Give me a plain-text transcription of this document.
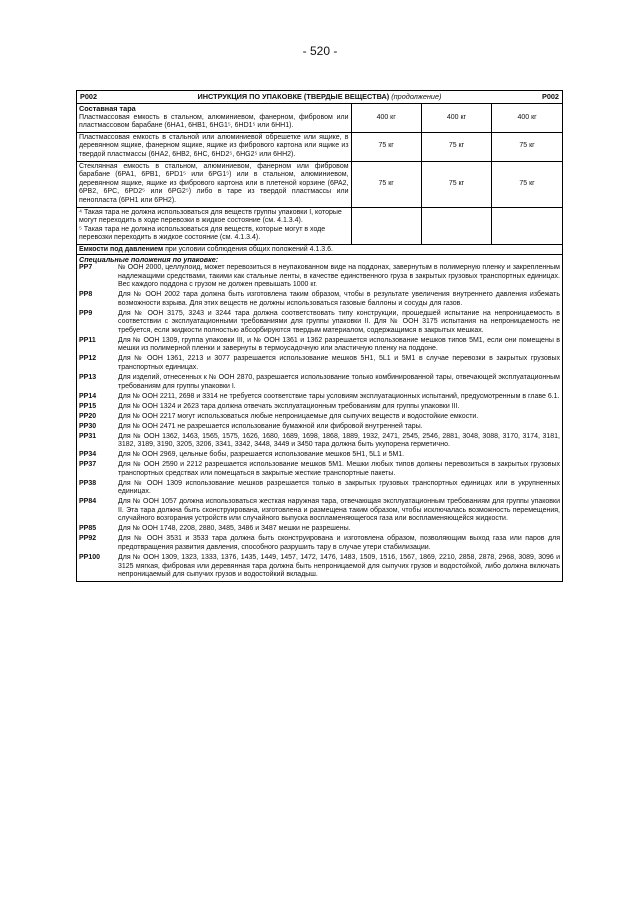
- 520 -
P002	ИНСТРУКЦИЯ ПО УПАКОВКЕ (ТВЕРДЫЕ ВЕЩЕСТВА) (продолжение)	P002
Составная тара
Пластмассовая емкость в стальном, алюминиевом, фанерном, фибровом или пластмассовом барабане (6HA1, 6HB1, 6HG1⁵, 6HD1⁵ или 6HH1).	400 кг	400 кг	400 кг
Пластмассовая емкость в стальной или алюминиевой обрешетке или ящике, в деревянном ящике, фанерном ящике, ящике из фибрового картона или ящике из твердой пластмассы (6HA2, 6HB2, 6HC, 6HD2⁵, 6HG2⁵ или 6HH2).	75 кг	75 кг	75 кг
Стеклянная емкость в стальном, алюминиевом, фанерном или фибровом барабане (6PA1, 6PB1, 6PD1⁵ или 6PG1⁵) или в стальном, алюминиевом, деревянном ящике, ящике из фибрового картона или в плетеной корзине (6PA2, 6PB2, 6PC, 6PD2⁵ или 6PG2⁵) либо в таре из твердой пластмассы или пенопласта (6PH1 или 6PH2).	75 кг	75 кг	75 кг

⁴ Такая тара не должна использоваться для веществ группы упаковки I, которые могут переходить в ходе перевозки в жидкое состояние (см. 4.1.3.4).
⁵ Такая тара не должна использоваться для веществ, которые могут в ходе перевозки переходить в жидкое состояние (см. 4.1.3.4).			

Емкости под давлением при условии соблюдения общих положений 4.1.3.6.
Специальные положения по упаковке:
PP7	№ ООН 2000, целлулоид, может перевозиться в неупакованном виде на поддонах, завернутым в полимерную пленку и закрепленным надлежащими средствами, такими как стальные ленты, в качестве единственного груза в закрытых грузовых транспортных единицах. Вес каждого поддона с грузом не должен превышать 1000 кг.
PP8	Для № ООН 2002 тара должна быть изготовлена таким образом, чтобы в результате увеличения внутреннего давления избежать возможности взрыва. Для этих веществ не должны использоваться газовые баллоны и сосуды для газов.
PP9	Для № ООН 3175, 3243 и 3244 тара должна соответствовать типу конструкции, прошедшей испытание на непроницаемость в соответствии с эксплуатационными требованиями для группы упаковки II. Для № ООН 3175 испытания на непроницаемость не требуется, если жидкости полностью абсорбируются твердым материалом, содержащимся в закрытых мешках.
PP11	Для № ООН 1309, группа упаковки III, и № ООН 1361 и 1362 разрешается использование мешков типов 5M1, если они помещены в мешки из полимерной пленки и завернуты в термоусадочную или эластичную пленку на поддоне.
PP12	Для № ООН 1361, 2213 и 3077 разрешается использование мешков 5H1, 5L1 и 5M1 в случае перевозки в закрытых грузовых транспортных единицах.
PP13	Для изделий, отнесенных к № ООН 2870, разрешается использование только комбинированной тары, отвечающей эксплуатационным требованиям для группы упаковки I.
PP14	Для № ООН 2211, 2698 и 3314 не требуется соответствие тары условиям эксплуатационных испытаний, предусмотренным в главе 6.1.
PP15	Для № ООН 1324 и 2623 тара должна отвечать эксплуатационным требованиям для группы упаковки III.
PP20	Для № ООН 2217 могут использоваться любые непроницаемые для сыпучих веществ и водостойкие емкости.
PP30	Для № ООН 2471 не разрешается использование бумажной или фибровой внутренней тары.
PP31	Для № ООН 1362, 1463, 1565, 1575, 1626, 1680, 1689, 1698, 1868, 1889, 1932, 2471, 2545, 2546, 2881, 3048, 3088, 3170, 3174, 3181, 3182, 3189, 3190, 3205, 3206, 3341, 3342, 3448, 3449 и 3450 тара должна быть укупорена герметично.
PP34	Для № ООН 2969, цельные бобы, разрешается использование мешков 5H1, 5L1 и 5M1.
PP37	Для № ООН 2590 и 2212 разрешается использование мешков 5M1. Мешки любых типов должны перевозиться в закрытых грузовых транспортных средствах или помещаться в закрытые жесткие транспортные пакеты.
PP38	Для № ООН 1309 использование мешков разрешается только в закрытых грузовых транспортных единицах или в укрупненных единицах.
PP84	Для № ООН 1057 должна использоваться жесткая наружная тара, отвечающая эксплуатационным требованиям для группы упаковки II. Эта тара должна быть сконструирована, изготовлена и размещена таким образом, чтобы исключалась возможность перемещения, случайного возгорания устройств или случайного выпуска воспламеняющегося газа или воспламеняющейся жидкости.
PP85	Для № ООН 1748, 2208, 2880, 3485, 3486 и 3487 мешки не разрешены.
PP92	Для № ООН 3531 и 3533 тара должна быть сконструирована и изготовлена образом, позволяющим выход газа или паров для предотвращения развития давления, способного разрушить тару в случае утери стабилизации.
PP100	Для № ООН 1309, 1323, 1333, 1376, 1435, 1449, 1457, 1472, 1476, 1483, 1509, 1516, 1567, 1869, 2210, 2858, 2878, 2968, 3089, 3096 и 3125 мягкая, фибровая или деревянная тара должна быть непроницаемой для сыпучих грузов и водостойкой, либо должна включать непроницаемый для сыпучих грузов и водостойкий вкладыш.
